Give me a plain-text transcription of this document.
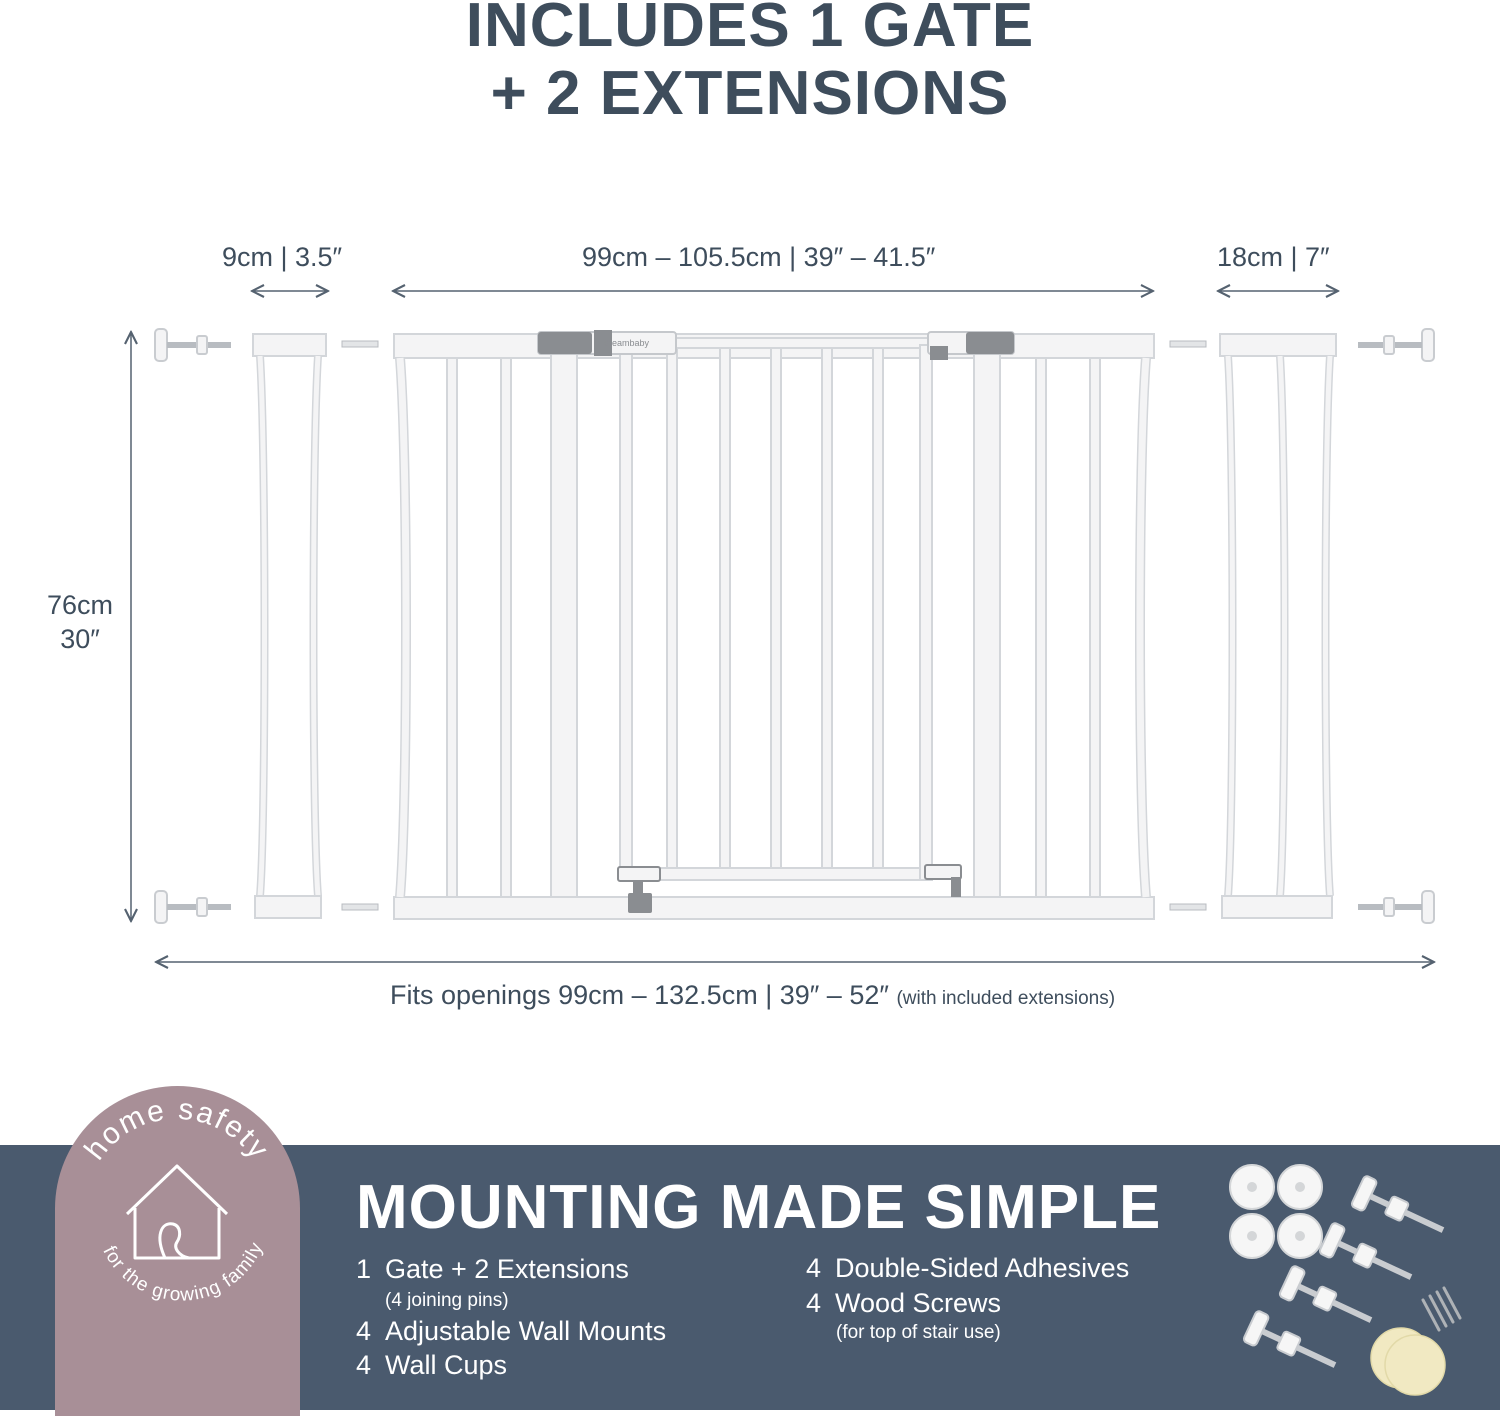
INCLUDES 1 GATE
+ 2 EXTENSIONS
9cm | 3.5″	99cm – 105.5cm | 39″ – 41.5″	18cm | 7″
76cm
30″
Fits openings 99cm – 132.5cm | 39″ – 52″ (with included extensions)
dreambaby
home safety
for the growing family
MOUNTING MADE SIMPLE
1 Gate + 2 Extensions
(4 joining pins)
4 Adjustable Wall Mounts
4 Wall Cups
4 Double-Sided Adhesives
4 Wood Screws
(for top of stair use)
